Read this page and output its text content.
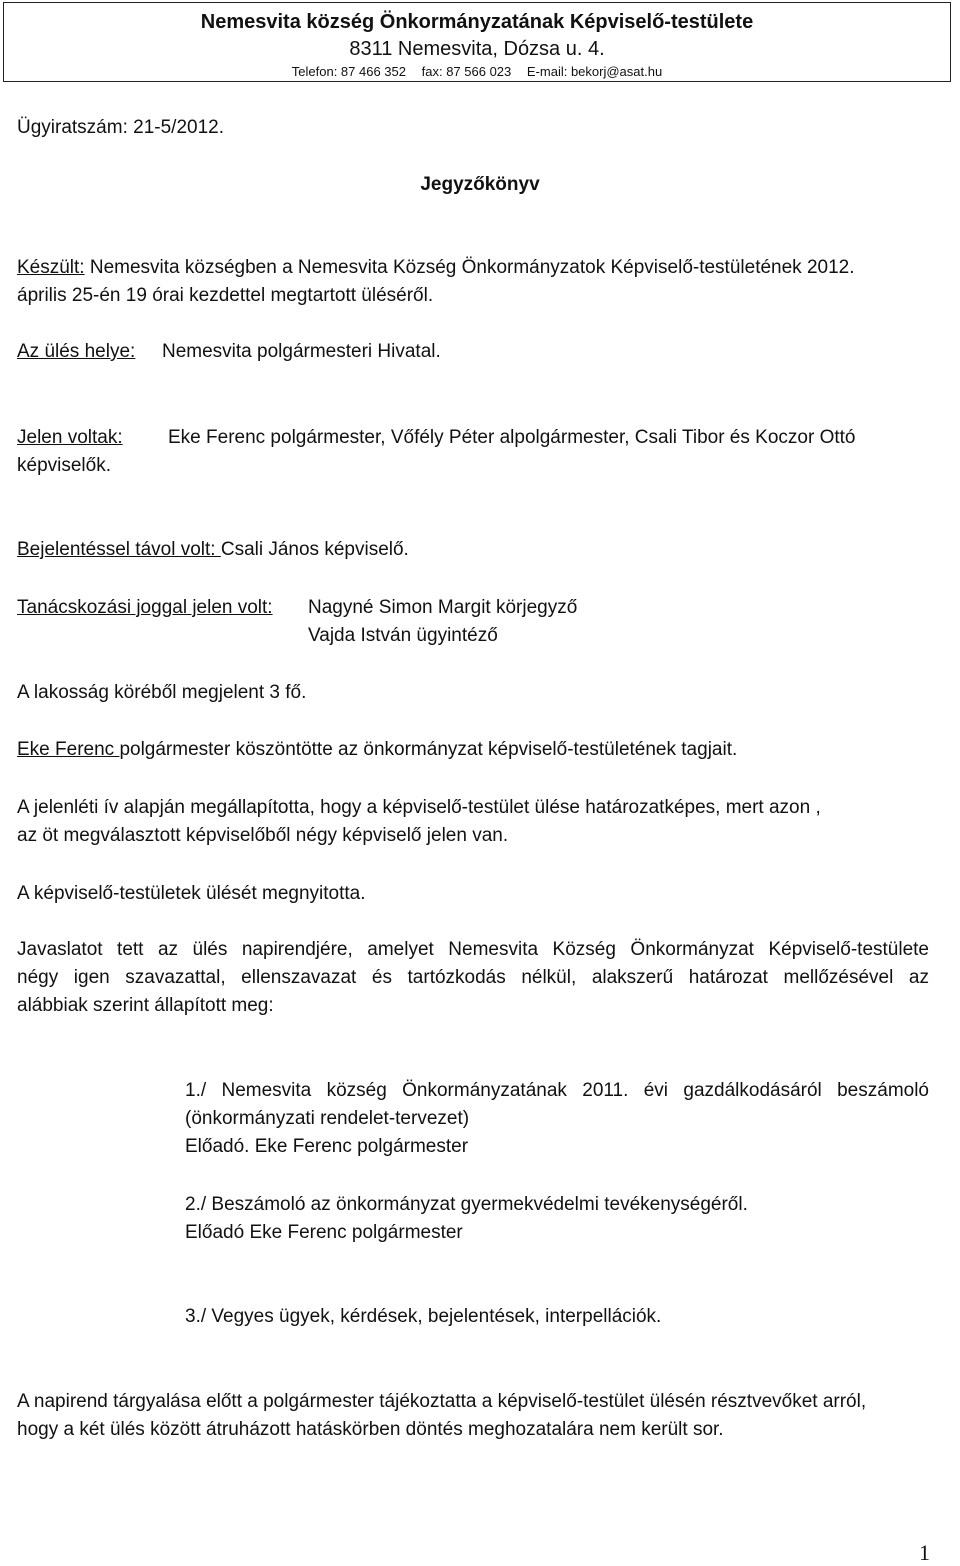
Nemesvita község Önkormányzatának Képviselő-testülete
8311 Nemesvita, Dózsa u. 4.
Telefon: 87 466 352 fax: 87 566 023 E-mail: bekorj@asat.hu
Ügyiratszám: 21-5/2012.
Jegyzőkönyv
Készült: Nemesvita községben a Nemesvita Község Önkormányzatok Képviselő-testületének 2012.
április 25-én 19 órai kezdettel megtartott üléséről.
Az ülés helye: Nemesvita polgármesteri Hivatal.
Jelen voltak: Eke Ferenc polgármester, Vőfély Péter alpolgármester, Csali Tibor és Koczor Ottó
képviselők.
Bejelentéssel távol volt: Csali János képviselő.
Tanácskozási joggal jelen volt: Nagyné Simon Margit körjegyző
Vajda István ügyintéző
A lakosság köréből megjelent 3 fő.
Eke Ferenc polgármester köszöntötte az önkormányzat képviselő-testületének tagjait.
A jelenléti ív alapján megállapította, hogy a képviselő-testület ülése határozatképes, mert azon ,
az öt megválasztott képviselőből négy képviselő jelen van.
A képviselő-testületek ülését megnyitotta.
Javaslatot tett az ülés napirendjére, amelyet Nemesvita Község Önkormányzat Képviselő-testülete
négy igen szavazattal, ellenszavazat és tartózkodás nélkül, alakszerű határozat mellőzésével az
alábbiak szerint állapított meg:
1./ Nemesvita község Önkormányzatának 2011. évi gazdálkodásáról beszámoló
(önkormányzati rendelet-tervezet)
Előadó. Eke Ferenc polgármester
2./ Beszámoló az önkormányzat gyermekvédelmi tevékenységéről.
Előadó Eke Ferenc polgármester
3./ Vegyes ügyek, kérdések, bejelentések, interpellációk.
A napirend tárgyalása előtt a polgármester tájékoztatta a képviselő-testület ülésén résztvevőket arról,
hogy a két ülés között átruházott hatáskörben döntés meghozatalára nem került sor.
1
